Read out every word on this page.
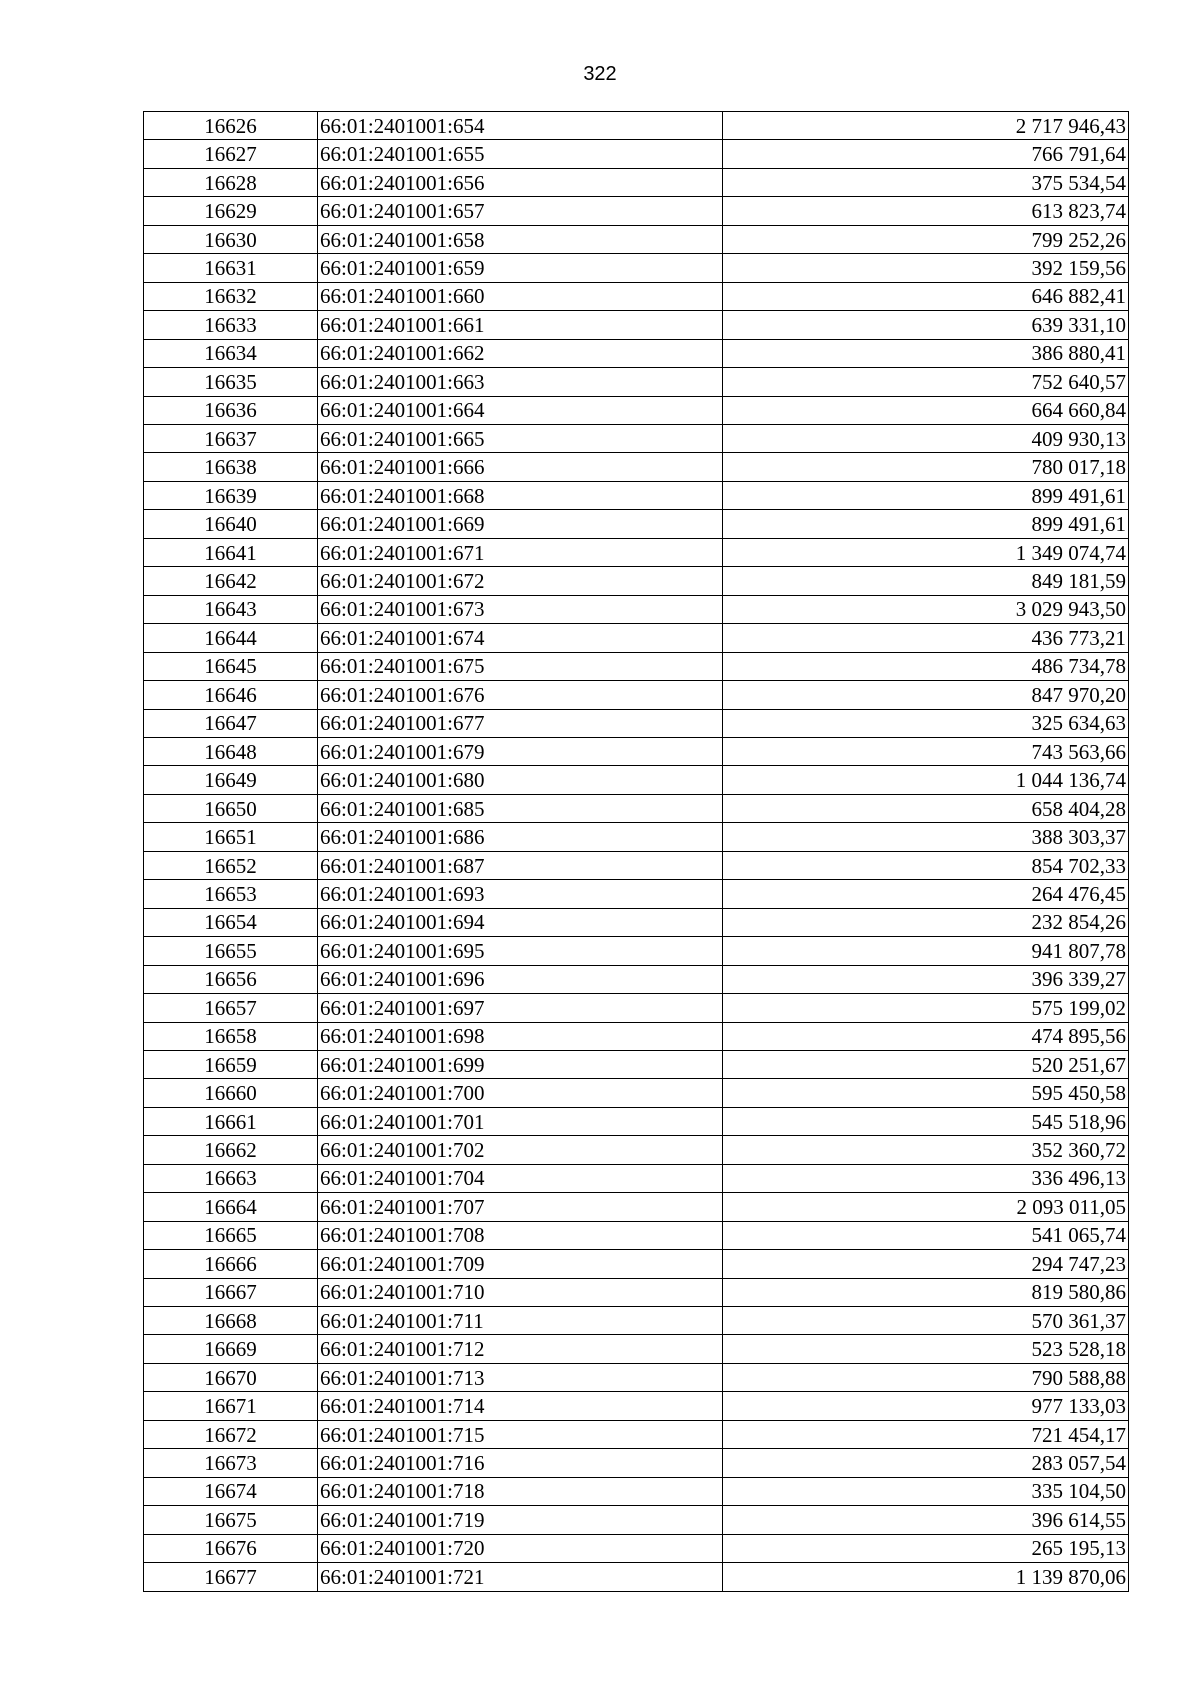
322
16626	66:01:2401001:654	2 717 946,43
16627	66:01:2401001:655	766 791,64
16628	66:01:2401001:656	375 534,54
16629	66:01:2401001:657	613 823,74
16630	66:01:2401001:658	799 252,26
16631	66:01:2401001:659	392 159,56
16632	66:01:2401001:660	646 882,41
16633	66:01:2401001:661	639 331,10
16634	66:01:2401001:662	386 880,41
16635	66:01:2401001:663	752 640,57
16636	66:01:2401001:664	664 660,84
16637	66:01:2401001:665	409 930,13
16638	66:01:2401001:666	780 017,18
16639	66:01:2401001:668	899 491,61
16640	66:01:2401001:669	899 491,61
16641	66:01:2401001:671	1 349 074,74
16642	66:01:2401001:672	849 181,59
16643	66:01:2401001:673	3 029 943,50
16644	66:01:2401001:674	436 773,21
16645	66:01:2401001:675	486 734,78
16646	66:01:2401001:676	847 970,20
16647	66:01:2401001:677	325 634,63
16648	66:01:2401001:679	743 563,66
16649	66:01:2401001:680	1 044 136,74
16650	66:01:2401001:685	658 404,28
16651	66:01:2401001:686	388 303,37
16652	66:01:2401001:687	854 702,33
16653	66:01:2401001:693	264 476,45
16654	66:01:2401001:694	232 854,26
16655	66:01:2401001:695	941 807,78
16656	66:01:2401001:696	396 339,27
16657	66:01:2401001:697	575 199,02
16658	66:01:2401001:698	474 895,56
16659	66:01:2401001:699	520 251,67
16660	66:01:2401001:700	595 450,58
16661	66:01:2401001:701	545 518,96
16662	66:01:2401001:702	352 360,72
16663	66:01:2401001:704	336 496,13
16664	66:01:2401001:707	2 093 011,05
16665	66:01:2401001:708	541 065,74
16666	66:01:2401001:709	294 747,23
16667	66:01:2401001:710	819 580,86
16668	66:01:2401001:711	570 361,37
16669	66:01:2401001:712	523 528,18
16670	66:01:2401001:713	790 588,88
16671	66:01:2401001:714	977 133,03
16672	66:01:2401001:715	721 454,17
16673	66:01:2401001:716	283 057,54
16674	66:01:2401001:718	335 104,50
16675	66:01:2401001:719	396 614,55
16676	66:01:2401001:720	265 195,13
16677	66:01:2401001:721	1 139 870,06
